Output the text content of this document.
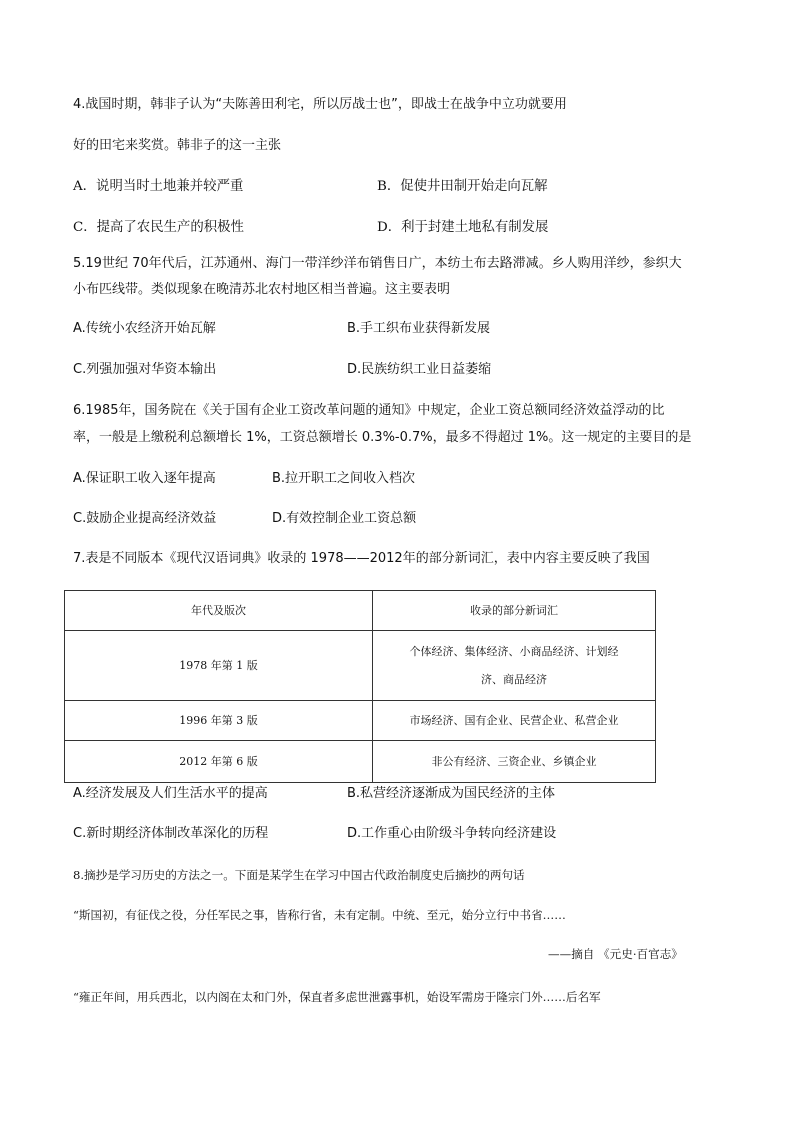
4.战国时期，韩非子认为“夫陈善田利宅，所以厉战士也”，即战士在战争中立功就要用
好的田宅来奖赏。韩非子的这一主张
A．说明当时土地兼并较严重	B．促使井田制开始走向瓦解
C．提高了农民生产的积极性	D．利于封建土地私有制发展
5.19世纪 70年代后，江苏通州、海门一带洋纱洋布销售日广，本纺土布去路滞减。乡人购用洋纱，参织大
小布匹线带。类似现象在晚清苏北农村地区相当普遍。这主要表明
A.传统小农经济开始瓦解	B.手工织布业获得新发展
C.列强加强对华资本输出	D.民族纺织工业日益萎缩
6.1985年，国务院在《关于国有企业工资改革问题的通知》中规定，企业工资总额同经济效益浮动的比
率，一般是上缴税利总额增长 1%，工资总额增长 0.3%-0.7%，最多不得超过 1%。这一规定的主要目的是
A.保证职工收入逐年提高	B.拉开职工之间收入档次
C.鼓励企业提高经济效益	D.有效控制企业工资总额
7.表是不同版本《现代汉语词典》收录的 1978——2012年的部分新词汇，表中内容主要反映了我国
年代及版次	收录的部分新词汇
1978 年第 1 版	个体经济、集体经济、小商品经济、计划经
济、商品经济

1996 年第 3 版	市场经济、国有企业、民营企业、私营企业
2012 年第 6 版	非公有经济、三资企业、乡镇企业
A.经济发展及人们生活水平的提高	B.私营经济逐渐成为国民经济的主体
C.新时期经济体制改革深化的历程	D.工作重心由阶级斗争转向经济建设
8.摘抄是学习历史的方法之一。下面是某学生在学习中国古代政治制度史后摘抄的两句话
“斯国初，有征伐之役，分任军民之事，皆称行省，未有定制。中统、至元，始分立行中书省……
——摘自 《元史·百官志》
“雍正年间，用兵西北，以内阁在太和门外，保直者多虑世泄露事机，始设军需房于隆宗门外……后名军
